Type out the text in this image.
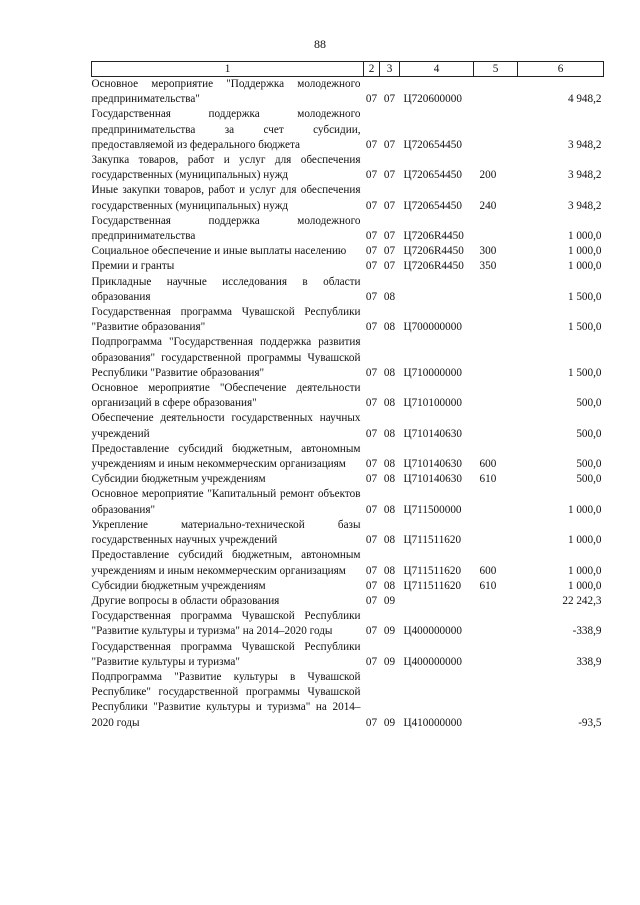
88
1	2	3	4	5	6
Основное мероприятие "Поддержка молодежного предпринимательства"	07	07	Ц720600000		4 948,2
Государственная поддержка молодежного предпринимательства за счет субсидии, предоставляемой из федерального бюджета	07	07	Ц720654450		3 948,2
Закупка товаров, работ и услуг для обеспечения государственных (муниципальных) нужд	07	07	Ц720654450	200	3 948,2
Иные закупки товаров, работ и услуг для обеспечения государственных (муниципальных) нужд	07	07	Ц720654450	240	3 948,2
Государственная поддержка молодежного предпринимательства	07	07	Ц7206R4450		1 000,0
Социальное обеспечение и иные выплаты населению	07	07	Ц7206R4450	300	1 000,0
Премии и гранты	07	07	Ц7206R4450	350	1 000,0
Прикладные научные исследования в области образования	07	08			1 500,0
Государственная программа Чувашской Республики "Развитие образования"	07	08	Ц700000000		1 500,0
Подпрограмма "Государственная поддержка развития образования" государственной программы Чувашской Республики "Развитие образования"	07	08	Ц710000000		1 500,0
Основное мероприятие "Обеспечение деятельности организаций в сфере образования"	07	08	Ц710100000		500,0
Обеспечение деятельности государственных научных учреждений	07	08	Ц710140630		500,0
Предоставление субсидий бюджетным, автономным учреждениям и иным некоммерческим организациям	07	08	Ц710140630	600	500,0
Субсидии бюджетным учреждениям	07	08	Ц710140630	610	500,0
Основное мероприятие "Капитальный ремонт объектов образования"	07	08	Ц711500000		1 000,0
Укрепление материально-технической базы государственных научных учреждений	07	08	Ц711511620		1 000,0
Предоставление субсидий бюджетным, автономным учреждениям и иным некоммерческим организациям	07	08	Ц711511620	600	1 000,0
Субсидии бюджетным учреждениям	07	08	Ц711511620	610	1 000,0
Другие вопросы в области образования	07	09			22 242,3
Государственная программа Чувашской Республики "Развитие культуры и туризма" на 2014–2020 годы	07	09	Ц400000000		-338,9
Государственная программа Чувашской Республики "Развитие культуры и туризма"	07	09	Ц400000000		338,9
Подпрограмма "Развитие культуры в Чувашской Республике" государственной программы Чувашской Республики "Развитие культуры и туризма" на 2014–2020 годы	07	09	Ц410000000		-93,5
